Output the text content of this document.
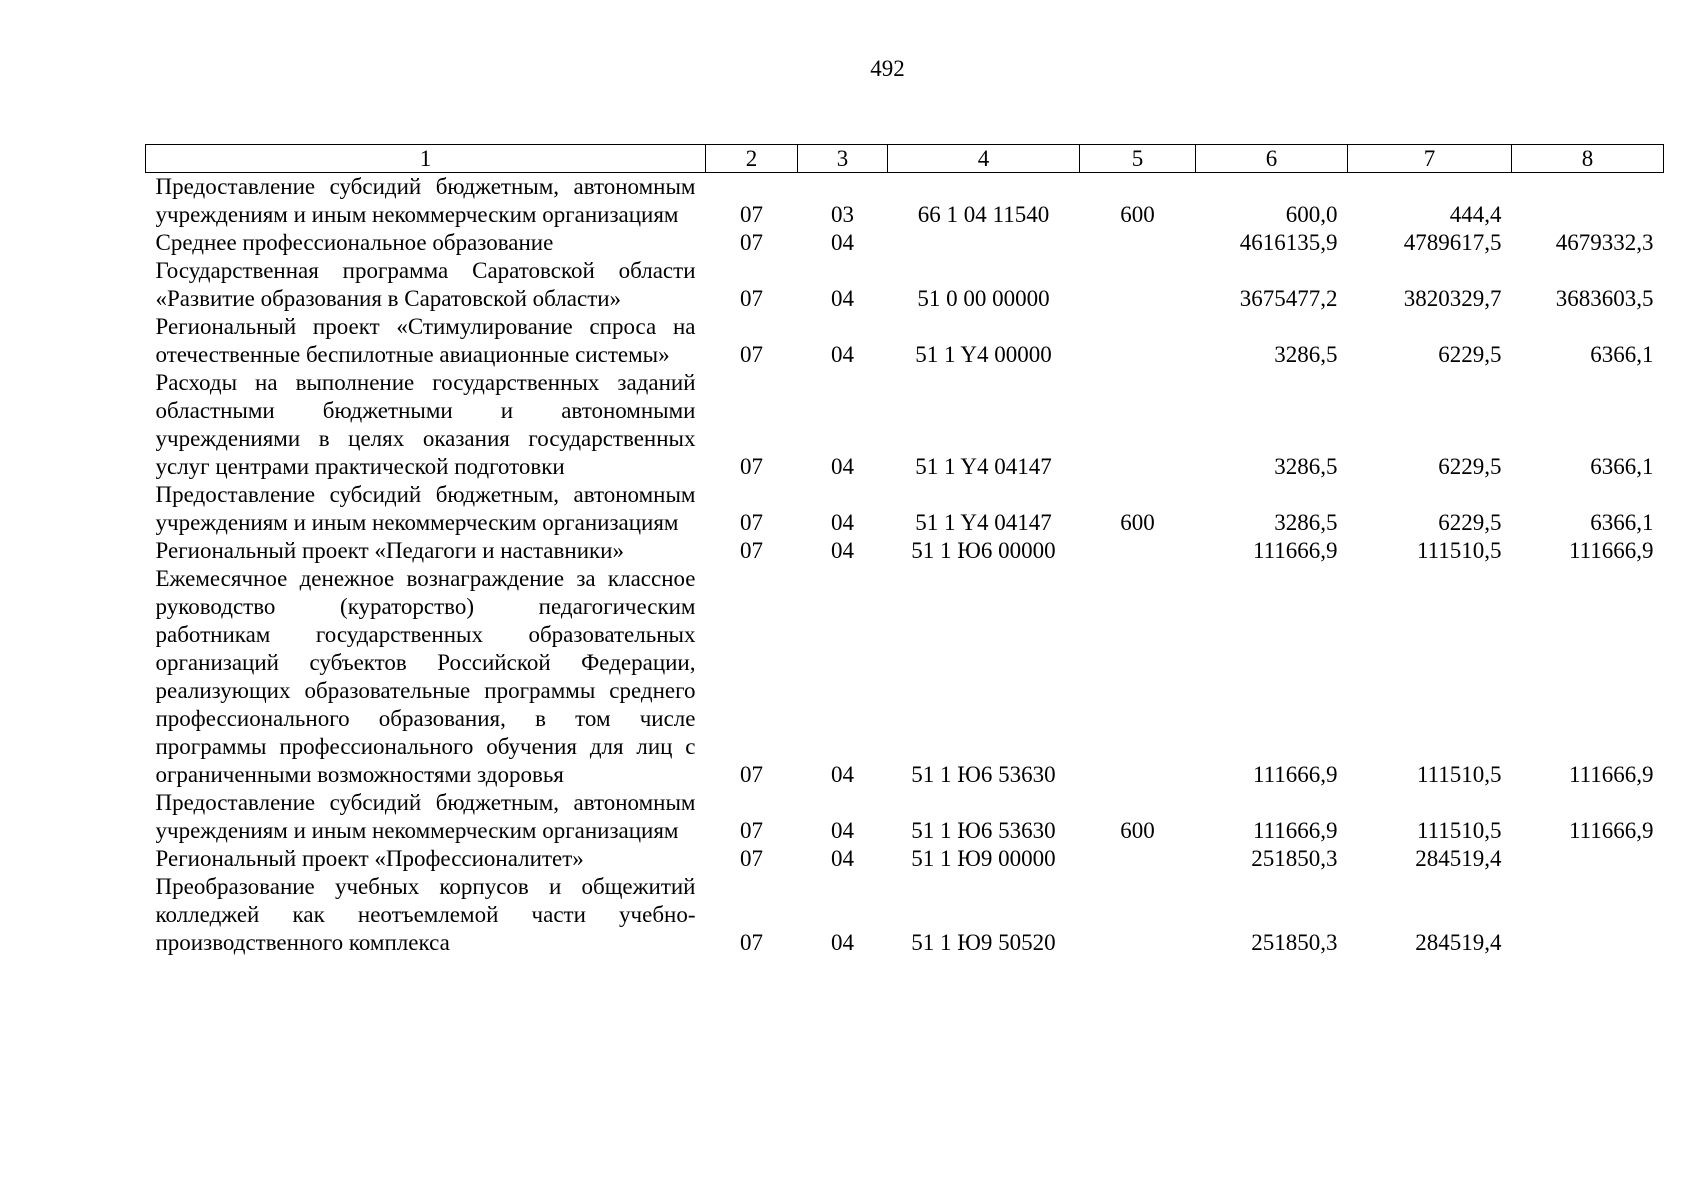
492
1	2	3	4	5	6	7	8
Предоставление субсидий бюджетным, автономным учреждениям и иным некоммерческим организациям	07	03	66 1 04 11540	600	600,0	444,4	
Среднее профессиональное образование	07	04			4616135,9	4789617,5	4679332,3
Государственная программа Саратовской области «Развитие образования в Саратовской области»	07	04	51 0 00 00000		3675477,2	3820329,7	3683603,5
Региональный проект «Стимулирование спроса на отечественные беспилотные авиационные системы»	07	04	51 1 Y4 00000		3286,5	6229,5	6366,1
Расходы на выполнение государственных заданий областными бюджетными и автономными учреждениями в целях оказания государственных услуг центрами практической подготовки	07	04	51 1 Y4 04147		3286,5	6229,5	6366,1
Предоставление субсидий бюджетным, автономным учреждениям и иным некоммерческим организациям	07	04	51 1 Y4 04147	600	3286,5	6229,5	6366,1
Региональный проект «Педагоги и наставники»	07	04	51 1 Ю6 00000		111666,9	111510,5	111666,9
Ежемесячное денежное вознаграждение за классное руководство (кураторство) педагогическим работникам государственных образовательных организаций субъектов Российской Федерации, реализующих образовательные программы среднего профессионального образования, в том числе программы профессионального обучения для лиц с ограниченными возможностями здоровья	07	04	51 1 Ю6 53630		111666,9	111510,5	111666,9
Предоставление субсидий бюджетным, автономным учреждениям и иным некоммерческим организациям	07	04	51 1 Ю6 53630	600	111666,9	111510,5	111666,9
Региональный проект «Профессионалитет»	07	04	51 1 Ю9 00000		251850,3	284519,4	
Преобразование учебных корпусов и общежитий колледжей как неотъемлемой части учебно-производственного комплекса	07	04	51 1 Ю9 50520		251850,3	284519,4	
